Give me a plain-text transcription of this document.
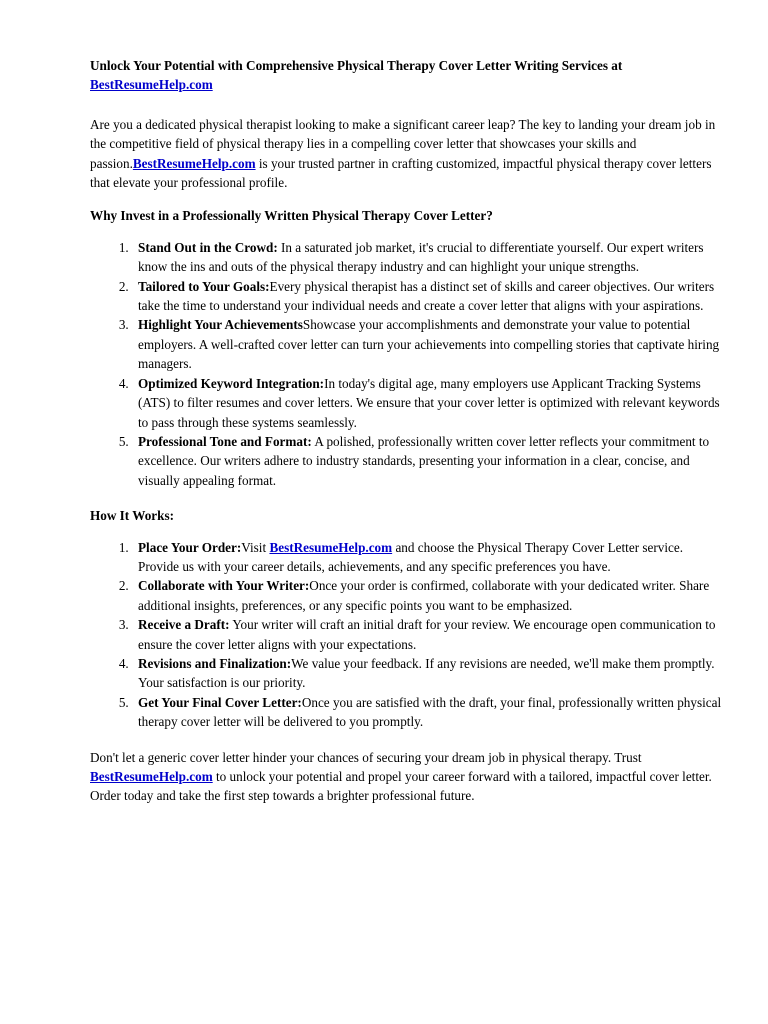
Unlock Your Potential with Comprehensive Physical Therapy Cover Letter Writing Services at BestResumeHelp.com

Are you a dedicated physical therapist looking to make a significant career leap? The key to landing your dream job in the competitive field of physical therapy lies in a compelling cover letter that showcases your skills and passion.BestResumeHelp.com is your trusted partner in crafting customized, impactful physical therapy cover letters that elevate your professional profile.

Why Invest in a Professionally Written Physical Therapy Cover Letter?

1. Stand Out in the Crowd: In a saturated job market, it's crucial to differentiate yourself. Our expert writers know the ins and outs of the physical therapy industry and can highlight your unique strengths.
2. Tailored to Your Goals:Every physical therapist has a distinct set of skills and career objectives. Our writers take the time to understand your individual needs and create a cover letter that aligns with your aspirations.
3. Highlight Your AchievementsShowcase your accomplishments and demonstrate your value to potential employers. A well-crafted cover letter can turn your achievements into compelling stories that captivate hiring managers.
4. Optimized Keyword Integration:In today's digital age, many employers use Applicant Tracking Systems (ATS) to filter resumes and cover letters. We ensure that your cover letter is optimized with relevant keywords to pass through these systems seamlessly.
5. Professional Tone and Format: A polished, professionally written cover letter reflects your commitment to excellence. Our writers adhere to industry standards, presenting your information in a clear, concise, and visually appealing format.

How It Works:

1. Place Your Order:Visit BestResumeHelp.com and choose the Physical Therapy Cover Letter service. Provide us with your career details, achievements, and any specific preferences you have.
2. Collaborate with Your Writer:Once your order is confirmed, collaborate with your dedicated writer. Share additional insights, preferences, or any specific points you want to be emphasized.
3. Receive a Draft: Your writer will craft an initial draft for your review. We encourage open communication to ensure the cover letter aligns with your expectations.
4. Revisions and Finalization:We value your feedback. If any revisions are needed, we'll make them promptly. Your satisfaction is our priority.
5. Get Your Final Cover Letter:Once you are satisfied with the draft, your final, professionally written physical therapy cover letter will be delivered to you promptly.

Don't let a generic cover letter hinder your chances of securing your dream job in physical therapy. Trust BestResumeHelp.com to unlock your potential and propel your career forward with a tailored, impactful cover letter. Order today and take the first step towards a brighter professional future.
